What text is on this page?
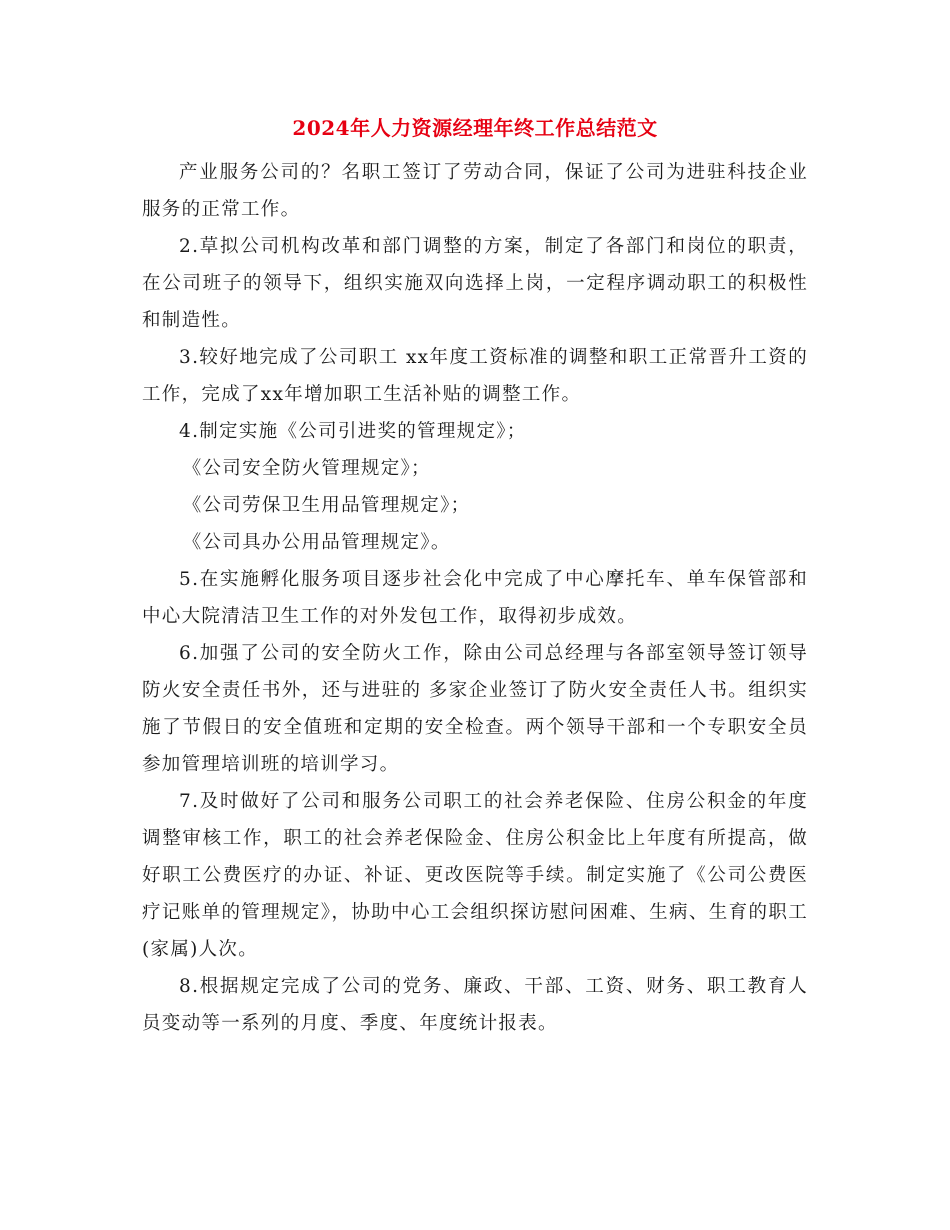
2024年人力资源经理年终工作总结范文

产业服务公司的？名职工签订了劳动合同，保证了公司为进驻科技企业服务的正常工作。

2.草拟公司机构改革和部门调整的方案，制定了各部门和岗位的职责，在公司班子的领导下，组织实施双向选择上岗，一定程序调动职工的积极性和制造性。

3.较好地完成了公司职工 xx年度工资标准的调整和职工正常晋升工资的工作，完成了xx年增加职工生活补贴的调整工作。

4.制定实施《公司引进奖的管理规定》；

《公司安全防火管理规定》；

《公司劳保卫生用品管理规定》；

《公司具办公用品管理规定》。

5.在实施孵化服务项目逐步社会化中完成了中心摩托车、单车保管部和中心大院清洁卫生工作的对外发包工作，取得初步成效。

6.加强了公司的安全防火工作，除由公司总经理与各部室领导签订领导防火安全责任书外，还与进驻的 多家企业签订了防火安全责任人书。组织实施了节假日的安全值班和定期的安全检查。两个领导干部和一个专职安全员参加管理培训班的培训学习。

7.及时做好了公司和服务公司职工的社会养老保险、住房公积金的年度调整审核工作，职工的社会养老保险金、住房公积金比上年度有所提高，做好职工公费医疗的办证、补证、更改医院等手续。制定实施了《公司公费医疗记账单的管理规定》，协助中心工会组织探访慰问困难、生病、生育的职工(家属)人次。

8.根据规定完成了公司的党务、廉政、干部、工资、财务、职工教育人员变动等一系列的月度、季度、年度统计报表。
